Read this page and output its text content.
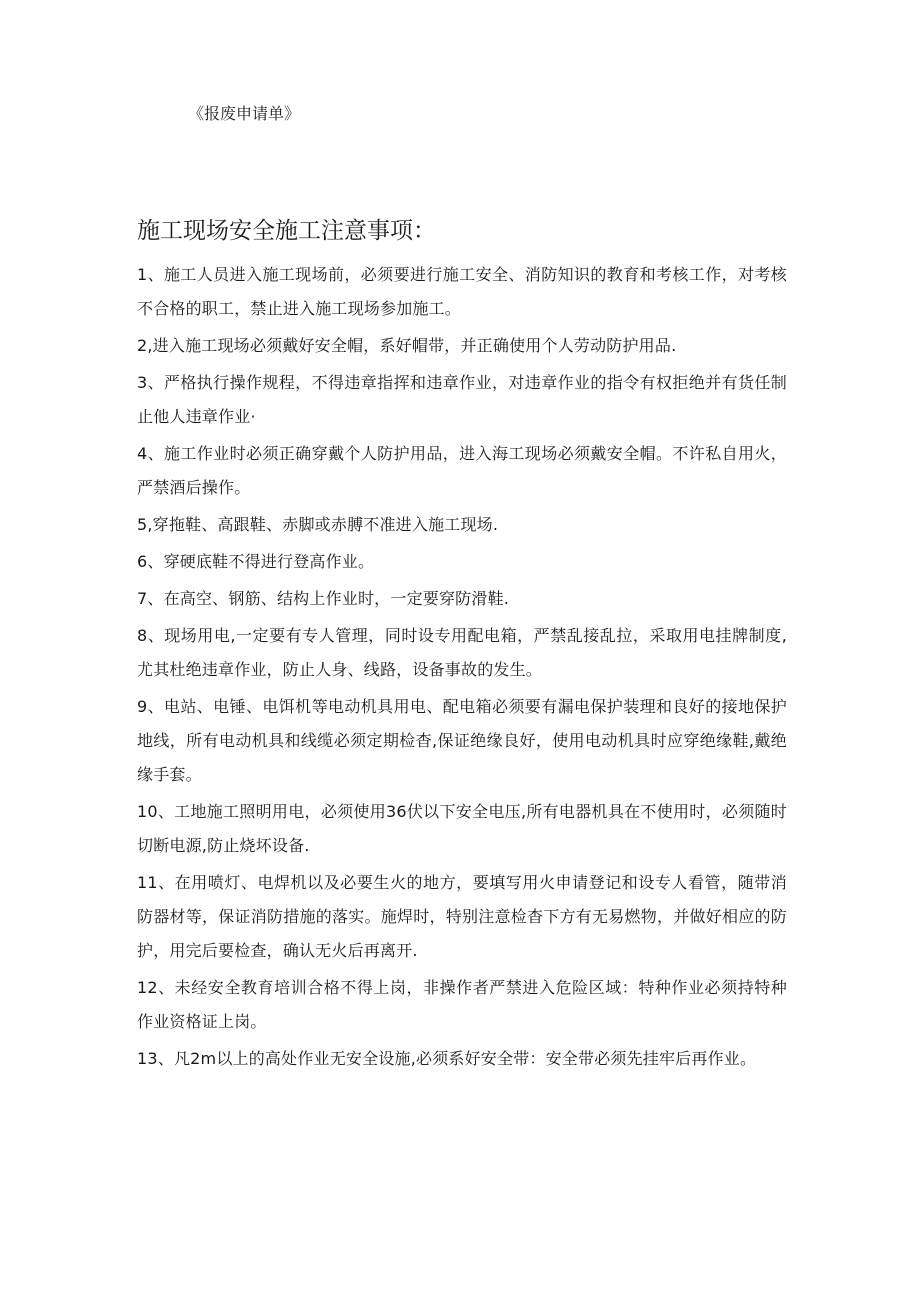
《报废申请单》
施工现场安全施工注意事项：
1、施工人员进入施工现场前，必须要进行施工安全、消防知识的教育和考核工作，对考核不合格的职工，禁止进入施工现场参加施工。
2,进入施工现场必须戴好安全帽，系好帽带，并正确使用个人劳动防护用品.
3、严格执行操作规程，不得违章指挥和违章作业，对违章作业的指令有权拒绝并有货任制止他人违章作业·
4、施工作业时必须正确穿戴个人防护用品，进入海工现场必须戴安全帽。不许私自用火，严禁酒后操作。
5,穿拖鞋、高跟鞋、赤脚或赤膊不准进入施工现场.
6、穿硬底鞋不得进行登高作业。
7、在高空、钢筋、结构上作业时，一定要穿防滑鞋.
8、现场用电,一定要有专人管理，同时设专用配电箱，严禁乱接乱拉，采取用电挂牌制度,尤其杜绝违章作业，防止人身、线路，设备事故的发生。
9、电站、电锤、电饵机等电动机具用电、配电箱必须要有漏电保护装理和良好的接地保护地线，所有电动机具和线缆必须定期检杳,保证绝缘良好，使用电动机具时应穿绝缘鞋,戴绝缘手套。
10、工地施工照明用电，必须使用36伏以下安全电压,所有电器机具在不使用时，必须随时切断电源,防止烧坏设备.
11、在用喷灯、电焊机以及必要生火的地方，要填写用火申请登记和设专人看管，随带消防器材等，保证消防措施的落实。施焊时，特别注意检杳下方有无易燃物，并做好相应的防护，用完后要检查，确认无火后再离开.
12、未经安全教育培训合格不得上岗，非操作者严禁进入危险区域：特种作业必须持特种作业资格证上岗。
13、凡2m以上的高处作业无安全设施,必须系好安全带：安全带必须先挂牢后再作业。
